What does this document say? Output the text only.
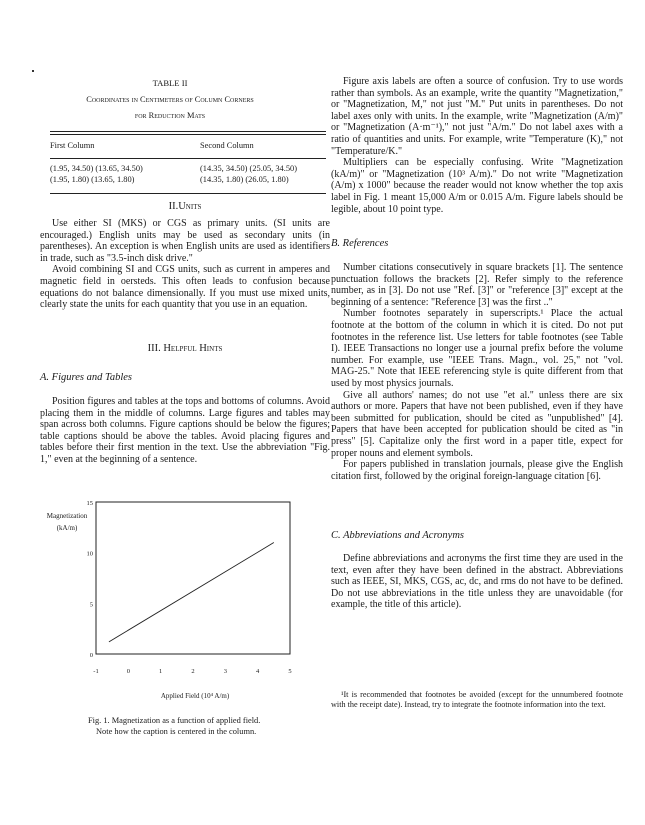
TABLE II
Coordinates in Centimeters of Column Corners
for Reduction Mats
First Column	Second Column
(1.95, 34.50) (13.65, 34.50)	(14.35, 34.50) (25.05, 34.50)
(1.95, 1.80) (13.65, 1.80)	(14.35, 1.80) (26.05, 1.80)
II.Units

Use either SI (MKS) or CGS as primary units. (SI units are encouraged.) English units may be used as secondary units (in parentheses). An exception is when English units are used as identifiers in trade, such as "3.5-inch disk drive."

Avoid combining SI and CGS units, such as current in amperes and magnetic field in oersteds. This often leads to confusion because equations do not balance dimensionally. If you must use mixed units, clearly state the units for each quantity that you use in an equation.

III. Helpful Hints
A. Figures and Tables

Position figures and tables at the tops and bottoms of columns. Avoid placing them in the middle of columns. Large figures and tables may span across both columns. Figure captions should be below the figures; table captions should be above the tables. Avoid placing figures and tables before their first mention in the text. Use the abbreviation "Fig. 1," even at the beginning of a sentence.

Magnetization
(kA/m)
-1	0	1	2	3	4	5
0
5
10
15
Applied Field (10⁴ A/m)
Fig. 1. Magnetization as a function of applied field.
Note how the caption is centered in the column.

Figure axis labels are often a source of confusion. Try to use words rather than symbols. As an example, write the quantity "Magnetization," or "Magnetization, M," not just "M." Put units in parentheses. Do not label axes only with units. In the example, write "Magnetization (A/m)" or "Magnetization (A·m⁻¹)," not just "A/m." Do not label axes with a ratio of quantities and units. For example, write "Temperature (K)," not "Temperature/K."

Multipliers can be especially confusing. Write "Magnetization (kA/m)" or "Magnetization (10³ A/m)." Do not write "Magnetization (A/m) x 1000" because the reader would not know whether the top axis label in Fig. 1 meant 15,000 A/m or 0.015 A/m. Figure labels should be legible, about 10 point type.

B. References

Number citations consecutively in square brackets [1]. The sentence punctuation follows the brackets [2]. Refer simply to the reference number, as in [3]. Do not use "Ref. [3]" or "reference [3]" except at the beginning of a sentence: "Reference [3] was the first .."

Number footnotes separately in superscripts.¹ Place the actual footnote at the bottom of the column in which it is cited. Do not put footnotes in the reference list. Use letters for table footnotes (see Table I). IEEE Transactions no longer use a journal prefix before the volume number. For example, use "IEEE Trans. Magn., vol. 25," not "vol. MAG-25." Note that IEEE referencing style is quite different from that used by most physics journals.

Give all authors' names; do not use "et al." unless there are six authors or more. Papers that have not been published, even if they have been submitted for publication, should be cited as "unpublished" [4]. Papers that have been accepted for publication should be cited as "in press" [5]. Capitalize only the first word in a paper title, expect for proper nouns and element symbols.

For papers published in translation journals, please give the English citation first, followed by the original foreign-language citation [6].

C. Abbreviations and Acronyms

Define abbreviations and acronyms the first time they are used in the text, even after they have been defined in the abstract. Abbreviations such as IEEE, SI, MKS, CGS, ac, dc, and rms do not have to be defined. Do not use abbreviations in the title unless they are unavoidable (for example, the title of this article).

¹It is recommended that footnotes be avoided (except for the unnumbered footnote with the receipt date). Instead, try to integrate the footnote information into the text.
